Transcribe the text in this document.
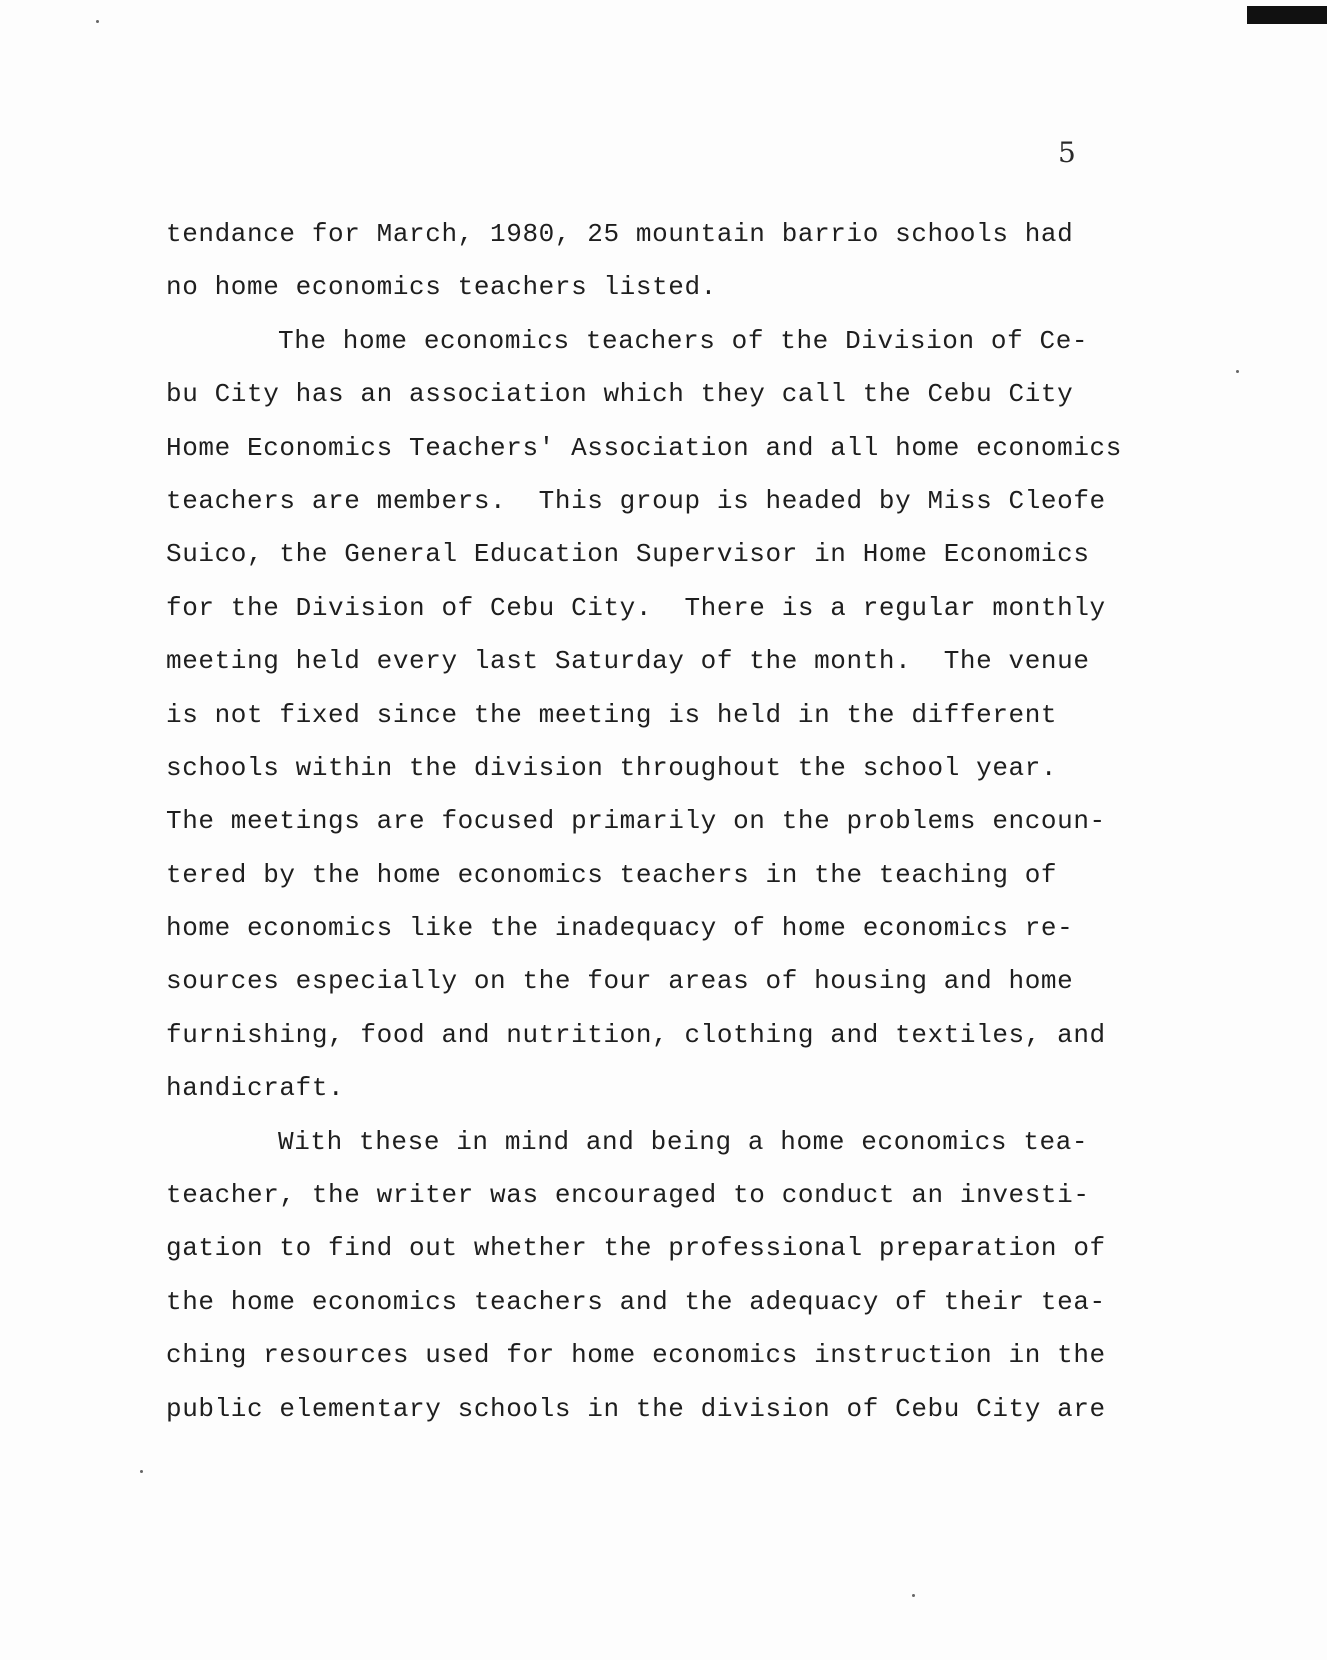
5

tendance for March, 1980, 25 mountain barrio schools had

no home economics teachers listed.

The home economics teachers of the Division of Ce-

bu City has an association which they call the Cebu City

Home Economics Teachers' Association and all home economics

teachers are members.  This group is headed by Miss Cleofe

Suico, the General Education Supervisor in Home Economics

for the Division of Cebu City.  There is a regular monthly

meeting held every last Saturday of the month.  The venue

is not fixed since the meeting is held in the different

schools within the division throughout the school year.

The meetings are focused primarily on the problems encoun-

tered by the home economics teachers in the teaching of

home economics like the inadequacy of home economics re-

sources especially on the four areas of housing and home

furnishing, food and nutrition, clothing and textiles, and

handicraft.

With these in mind and being a home economics tea-

teacher, the writer was encouraged to conduct an investi-

gation to find out whether the professional preparation of

the home economics teachers and the adequacy of their tea-

ching resources used for home economics instruction in the

public elementary schools in the division of Cebu City are
